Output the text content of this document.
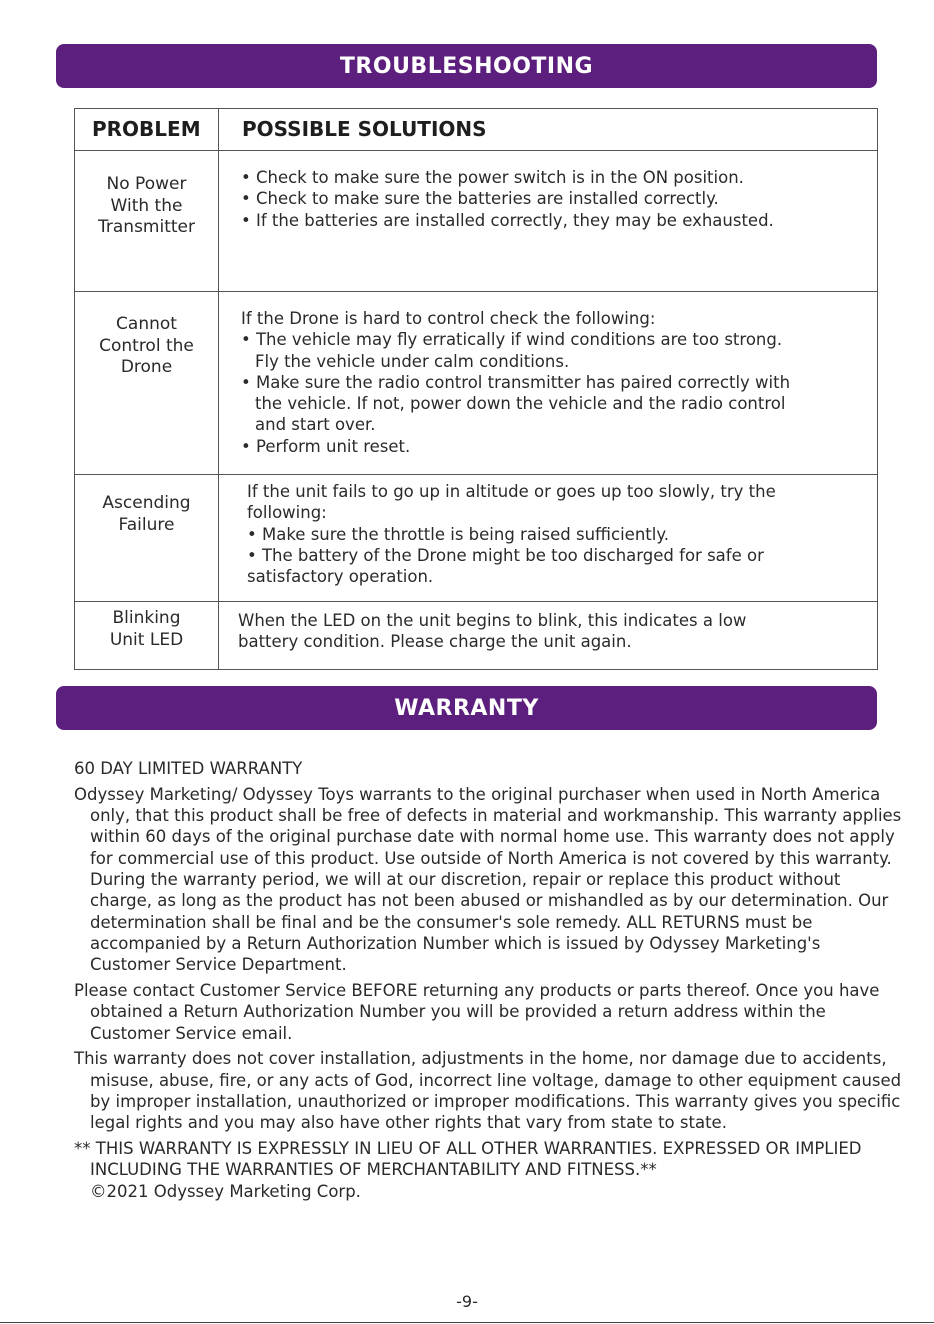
TROUBLESHOOTING
PROBLEM POSSIBLE SOLUTIONS
No Power
With the
Transmitter
• Check to make sure the power switch is in the ON position.
• Check to make sure the batteries are installed correctly.
• If the batteries are installed correctly, they may be exhausted.
Cannot
Control the
Drone
If the Drone is hard to control check the following:
• The vehicle may fly erratically if wind conditions are too strong.
Fly the vehicle under calm conditions.
• Make sure the radio control transmitter has paired correctly with
the vehicle. If not, power down the vehicle and the radio control
and start over.
• Perform unit reset.
Ascending
Failure
If the unit fails to go up in altitude or goes up too slowly, try the
following:
• Make sure the throttle is being raised sufficiently.
• The battery of the Drone might be too discharged for safe or
satisfactory operation.
Blinking
Unit LED
When the LED on the unit begins to blink, this indicates a low
battery condition. Please charge the unit again.
WARRANTY

60 DAY LIMITED WARRANTY

Odyssey Marketing/ Odyssey Toys warrants to the original purchaser when used in North America only, that this product shall be free of defects in material and workmanship. This warranty applies within 60 days of the original purchase date with normal home use. This warranty does not apply for commercial use of this product. Use outside of North America is not covered by this warranty. During the warranty period, we will at our discretion, repair or replace this product without charge, as long as the product has not been abused or mishandled as by our determination. Our determination shall be final and be the consumer's sole remedy. ALL RETURNS must be accompanied by a Return Authorization Number which is issued by Odyssey Marketing's Customer Service Department.

Please contact Customer Service BEFORE returning any products or parts thereof. Once you have obtained a Return Authorization Number you will be provided a return address within the Customer Service email.

This warranty does not cover installation, adjustments in the home, nor damage due to accidents, misuse, abuse, fire, or any acts of God, incorrect line voltage, damage to other equipment caused by improper installation, unauthorized or improper modifications. This warranty gives you specific legal rights and you may also have other rights that vary from state to state.

** THIS WARRANTY IS EXPRESSLY IN LIEU OF ALL OTHER WARRANTIES. EXPRESSED OR IMPLIED INCLUDING THE WARRANTIES OF MERCHANTABILITY AND FITNESS.**

©2021 Odyssey Marketing Corp.

-9-
